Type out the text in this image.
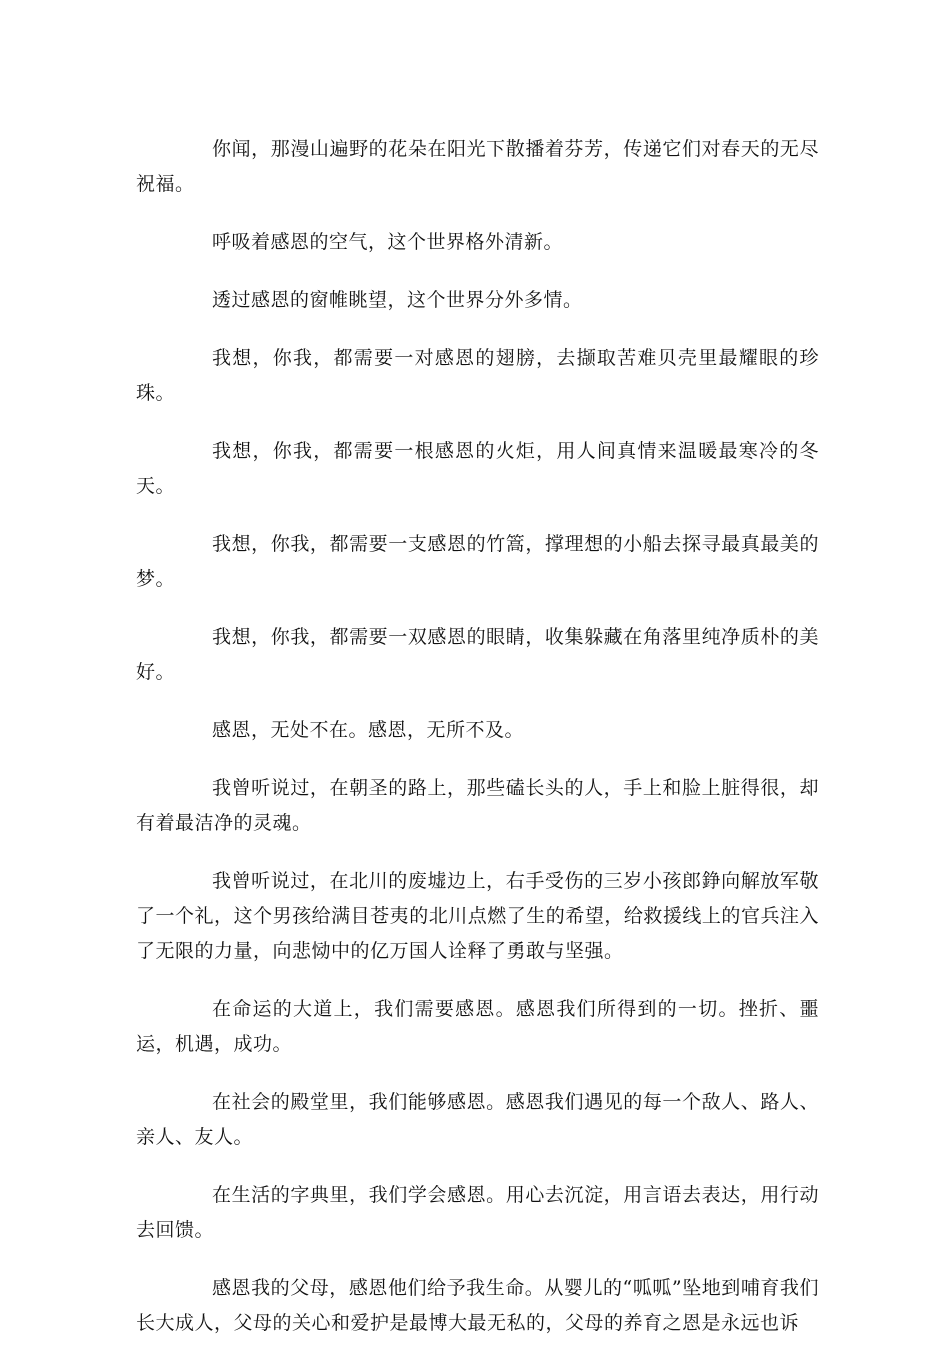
你闻，那漫山遍野的花朵在阳光下散播着芬芳，传递它们对春天的无尽祝福。

呼吸着感恩的空气，这个世界格外清新。

透过感恩的窗帷眺望，这个世界分外多情。

我想，你我，都需要一对感恩的翅膀，去撷取苦难贝壳里最耀眼的珍珠。

我想，你我，都需要一根感恩的火炬，用人间真情来温暖最寒冷的冬天。

我想，你我，都需要一支感恩的竹篙，撑理想的小船去探寻最真最美的梦。

我想，你我，都需要一双感恩的眼睛，收集躲藏在角落里纯净质朴的美好。

感恩，无处不在。感恩，无所不及。

我曾听说过，在朝圣的路上，那些磕长头的人，手上和脸上脏得很，却有着最洁净的灵魂。

我曾听说过，在北川的废墟边上，右手受伤的三岁小孩郎錚向解放军敬了一个礼，这个男孩给满目苍夷的北川点燃了生的希望，给救援线上的官兵注入了无限的力量，向悲恸中的亿万国人诠释了勇敢与坚强。

在命运的大道上，我们需要感恩。感恩我们所得到的一切。挫折、噩运，机遇，成功。

在社会的殿堂里，我们能够感恩。感恩我们遇见的每一个敌人、路人、亲人、友人。

在生活的字典里，我们学会感恩。用心去沉淀，用言语去表达，用行动去回馈。

感恩我的父母，感恩他们给予我生命。从婴儿的“呱呱”坠地到哺育我们长大成人，父母的关心和爱护是最博大最无私的，父母的养育之恩是永远也诉
